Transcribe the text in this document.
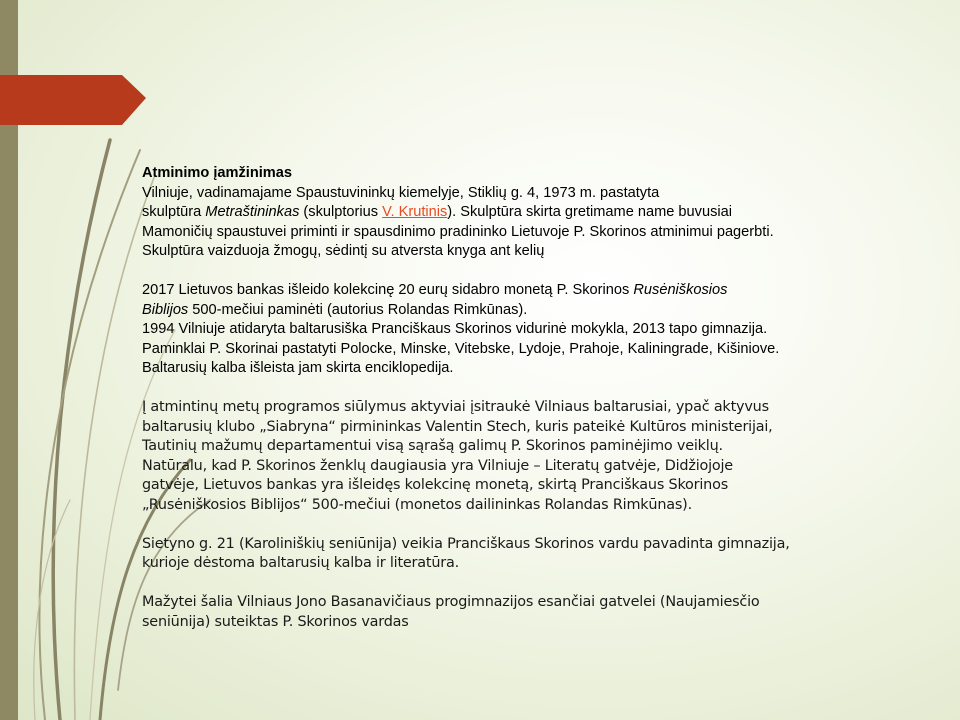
Atminimo įamžinimas

Vilniuje, vadinamajame Spaustuvininkų kiemelyje, Stiklių g. 4, 1973 m. pastatyta

skulptūra Metraštininkas (skulptorius V. Krutinis). Skulptūra skirta gretimame name buvusiai

Mamoničių spaustuvei priminti ir spausdinimo pradininko Lietuvoje P. Skorinos atminimui pagerbti.

Skulptūra vaizduoja žmogų, sėdintį su atversta knyga ant kelių

2017 Lietuvos bankas išleido kolekcinę 20 eurų sidabro monetą P. Skorinos Rusėniškosios

Biblijos 500-mečiui paminėti (autorius Rolandas Rimkūnas).

1994 Vilniuje atidaryta baltarusiška Pranciškaus Skorinos vidurinė mokykla, 2013 tapo gimnazija.

Paminklai P. Skorinai pastatyti Polocke, Minske, Vitebske, Lydoje, Prahoje, Kaliningrade, Kišiniove.

Baltarusių kalba išleista jam skirta enciklopedija.

Į atmintinų metų programos siūlymus aktyviai įsitraukė Vilniaus baltarusiai, ypač aktyvus

baltarusių klubo „Siabryna“ pirmininkas Valentin Stech, kuris pateikė Kultūros ministerijai,

Tautinių mažumų departamentui visą sąrašą galimų P. Skorinos paminėjimo veiklų.

Natūralu, kad P. Skorinos ženklų daugiausia yra Vilniuje – Literatų gatvėje, Didžiojoje

gatvėje, Lietuvos bankas yra išleidęs kolekcinę monetą, skirtą Pranciškaus Skorinos

„Rusėniškosios Biblijos“ 500-mečiui (monetos dailininkas Rolandas Rimkūnas).

Sietyno g. 21 (Karoliniškių seniūnija) veikia Pranciškaus Skorinos vardu pavadinta gimnazija,

kurioje dėstoma baltarusių kalba ir literatūra.

Mažytei šalia Vilniaus Jono Basanavičiaus progimnazijos esančiai gatvelei (Naujamiesčio

seniūnija) suteiktas P. Skorinos vardas
